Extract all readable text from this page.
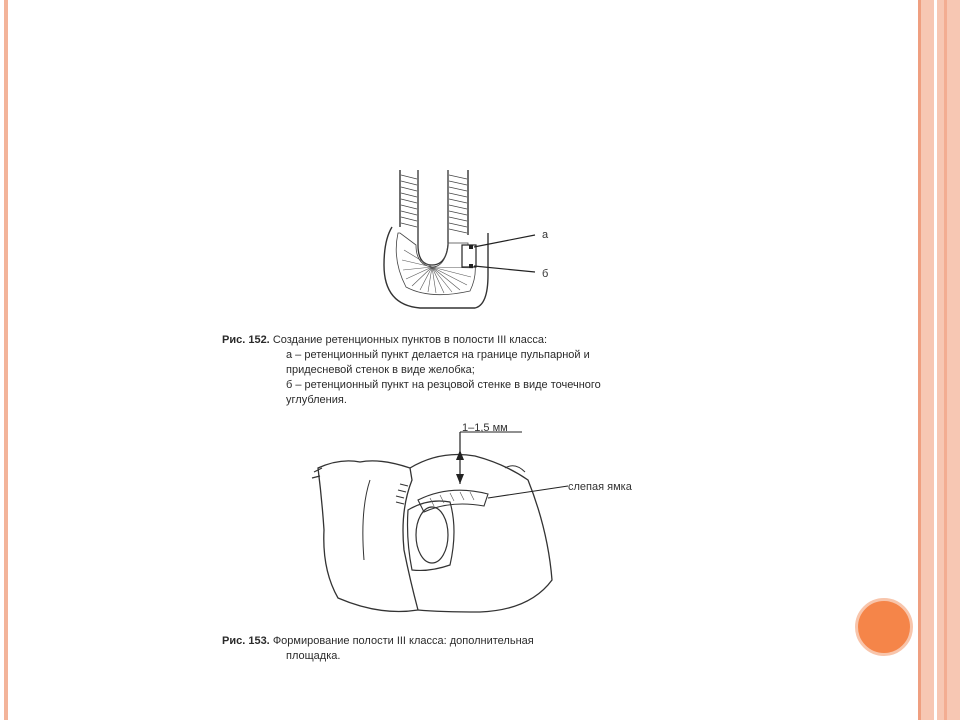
а
б
Рис. 152. Создание ретенционных пунктов в полости III класса:
а – ретенционный пункт делается на границе пульпарной и
придесневой стенок в виде желобка;
б – ретенционный пункт на резцовой стенке в виде точечного
углубления.
1–1,5 мм
слепая ямка
Рис. 153. Формирование полости III класса: дополнительная
площадка.
